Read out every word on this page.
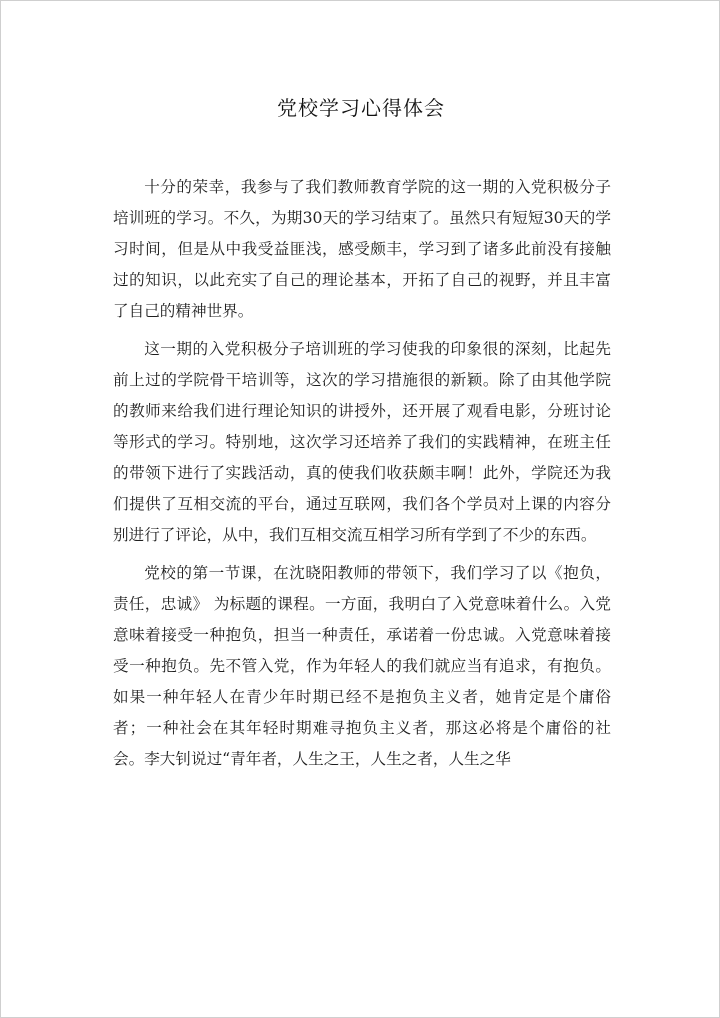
党校学习心得体会

十分的荣幸，我参与了我们教师教育学院的这一期的入党积极分子培训班的学习。不久，为期30天的学习结束了。虽然只有短短30天的学习时间，但是从中我受益匪浅，感受颇丰，学习到了诸多此前没有接触过的知识，以此充实了自己的理论基本，开拓了自己的视野，并且丰富了自己的精神世界。

这一期的入党积极分子培训班的学习使我的印象很的深刻，比起先前上过的学院骨干培训等，这次的学习措施很的新颖。除了由其他学院的教师来给我们进行理论知识的讲授外，还开展了观看电影，分班讨论等形式的学习。特别地，这次学习还培养了我们的实践精神，在班主任的带领下进行了实践活动，真的使我们收获颇丰啊！此外，学院还为我们提供了互相交流的平台，通过互联网，我们各个学员对上课的内容分别进行了评论，从中，我们互相交流互相学习所有学到了不少的东西。

党校的第一节课，在沈晓阳教师的带领下，我们学习了以《抱负，责任，忠诚》 为标题的课程。一方面，我明白了入党意味着什么。入党意味着接受一种抱负，担当一种责任，承诺着一份忠诚。入党意味着接受一种抱负。先不管入党，作为年轻人的我们就应当有追求，有抱负。如果一种年轻人在青少年时期已经不是抱负主义者，她肯定是个庸俗者；一种社会在其年轻时期难寻抱负主义者，那这必将是个庸俗的社会。李大钊说过“青年者，人生之王，人生之者，人生之华
